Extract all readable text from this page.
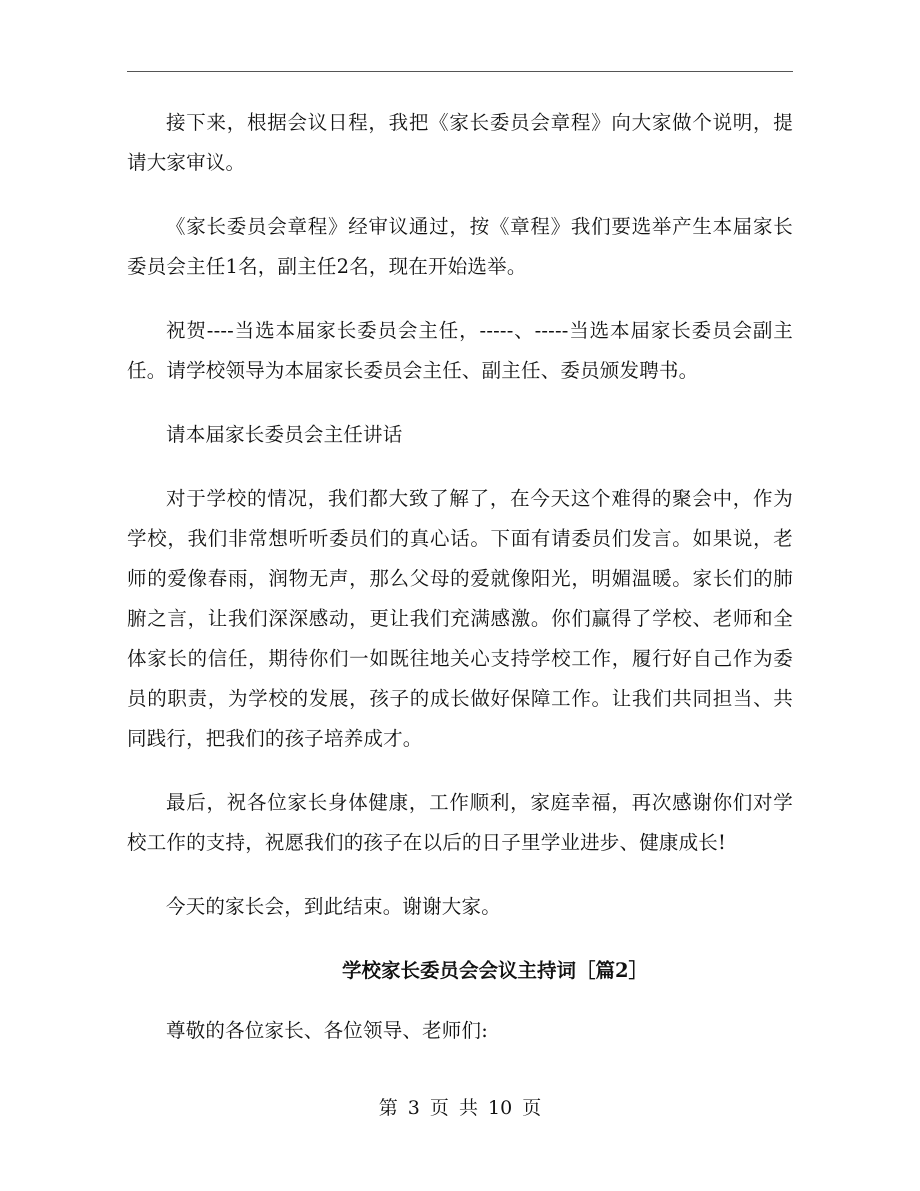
接下来，根据会议日程，我把《家长委员会章程》向大家做个说明，提请大家审议。

《家长委员会章程》经审议通过，按《章程》我们要选举产生本届家长委员会主任1名，副主任2名，现在开始选举。

祝贺----当选本届家长委员会主任，-----、-----当选本届家长委员会副主任。请学校领导为本届家长委员会主任、副主任、委员颁发聘书。

请本届家长委员会主任讲话

对于学校的情况，我们都大致了解了，在今天这个难得的聚会中，作为学校，我们非常想听听委员们的真心话。下面有请委员们发言。如果说，老师的爱像春雨，润物无声，那么父母的爱就像阳光，明媚温暖。家长们的肺腑之言，让我们深深感动，更让我们充满感激。你们赢得了学校、老师和全体家长的信任，期待你们一如既往地关心支持学校工作，履行好自己作为委员的职责，为学校的发展，孩子的成长做好保障工作。让我们共同担当、共同践行，把我们的孩子培养成才。

最后，祝各位家长身体健康，工作顺利，家庭幸福，再次感谢你们对学校工作的支持，祝愿我们的孩子在以后的日子里学业进步、健康成长!

今天的家长会，到此结束。谢谢大家。

学校家长委员会会议主持词［篇2］

尊敬的各位家长、各位领导、老师们:

第 3 页 共 10 页
